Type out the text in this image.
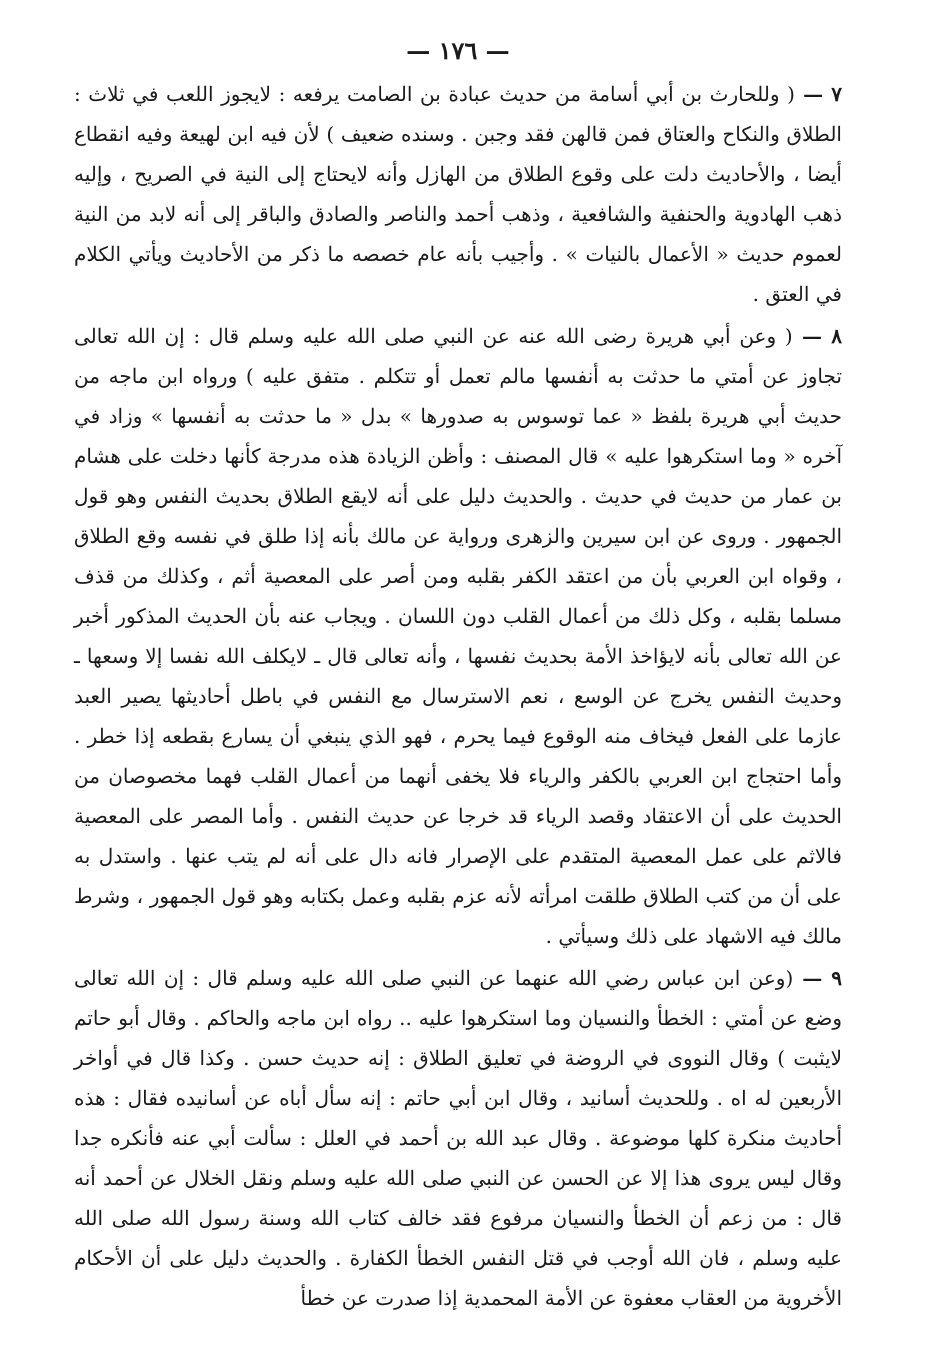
— ١٧٦ —

٧ — ( وللحارث بن أبي أسامة من حديث عبادة بن الصامت يرفعه : لايجوز اللعب في ثلاث : الطلاق والنكاح والعتاق فمن قالهن فقد وجبن . وسنده ضعيف ) لأن فيه ابن لهيعة وفيه انقطاع أيضا ، والأحاديث دلت على وقوع الطلاق من الهازل وأنه لايحتاج إلى النية في الصريح ، وإليه ذهب الهادوية والحنفية والشافعية ، وذهب أحمد والناصر والصادق والباقر إلى أنه لابد من النية لعموم حديث « الأعمال بالنيات » . وأجيب بأنه عام خصصه ما ذكر من الأحاديث ويأتي الكلام في العتق .

٨ — ( وعن أبي هريرة رضى الله عنه عن النبي صلى الله عليه وسلم قال : إن الله تعالى تجاوز عن أمتي ما حدثت به أنفسها مالم تعمل أو تتكلم . متفق عليه ) ورواه ابن ماجه من حديث أبي هريرة بلفظ « عما توسوس به صدورها » بدل « ما حدثت به أنفسها » وزاد في آخره « وما استكرهوا عليه » قال المصنف : وأظن الزيادة هذه مدرجة كأنها دخلت على هشام بن عمار من حديث في حديث . والحديث دليل على أنه لايقع الطلاق بحديث النفس وهو قول الجمهور . وروى عن ابن سيرين والزهرى ورواية عن مالك بأنه إذا طلق في نفسه وقع الطلاق ، وقواه ابن العربي بأن من اعتقد الكفر بقلبه ومن أصر على المعصية أثم ، وكذلك من قذف مسلما بقلبه ، وكل ذلك من أعمال القلب دون اللسان . ويجاب عنه بأن الحديث المذكور أخبر عن الله تعالى بأنه لايؤاخذ الأمة بحديث نفسها ، وأنه تعالى قال ـ لايكلف الله نفسا إلا وسعها ـ وحديث النفس يخرج عن الوسع ، نعم الاسترسال مع النفس في باطل أحاديثها يصير العبد عازما على الفعل فيخاف منه الوقوع فيما يحرم ، فهو الذي ينبغي أن يسارع بقطعه إذا خطر . وأما احتجاج ابن العربي بالكفر والرياء فلا يخفى أنهما من أعمال القلب فهما مخصوصان من الحديث على أن الاعتقاد وقصد الرياء قد خرجا عن حديث النفس . وأما المصر على المعصية فالاثم على عمل المعصية المتقدم على الإصرار فانه دال على أنه لم يتب عنها . واستدل به على أن من كتب الطلاق طلقت امرأته لأنه عزم بقلبه وعمل بكتابه وهو قول الجمهور ، وشرط مالك فيه الاشهاد على ذلك وسيأتي .

٩ — (وعن ابن عباس رضي الله عنهما عن النبي صلى الله عليه وسلم قال : إن الله تعالى وضع عن أمتي : الخطأ والنسيان وما استكرهوا عليه .. رواه ابن ماجه والحاكم . وقال أبو حاتم لايثبت ) وقال النووى في الروضة في تعليق الطلاق : إنه حديث حسن . وكذا قال في أواخر الأربعين له اه . وللحديث أسانيد ، وقال ابن أبي حاتم : إنه سأل أباه عن أسانيده فقال : هذه أحاديث منكرة كلها موضوعة . وقال عبد الله بن أحمد في العلل : سألت أبي عنه فأنكره جدا وقال ليس يروى هذا إلا عن الحسن عن النبي صلى الله عليه وسلم ونقل الخلال عن أحمد أنه قال : من زعم أن الخطأ والنسيان مرفوع فقد خالف كتاب الله وسنة رسول الله صلى الله عليه وسلم ، فان الله أوجب في قتل النفس الخطأ الكفارة . والحديث دليل على أن الأحكام الأخروية من العقاب معفوة عن الأمة المحمدية إذا صدرت عن خطأ
